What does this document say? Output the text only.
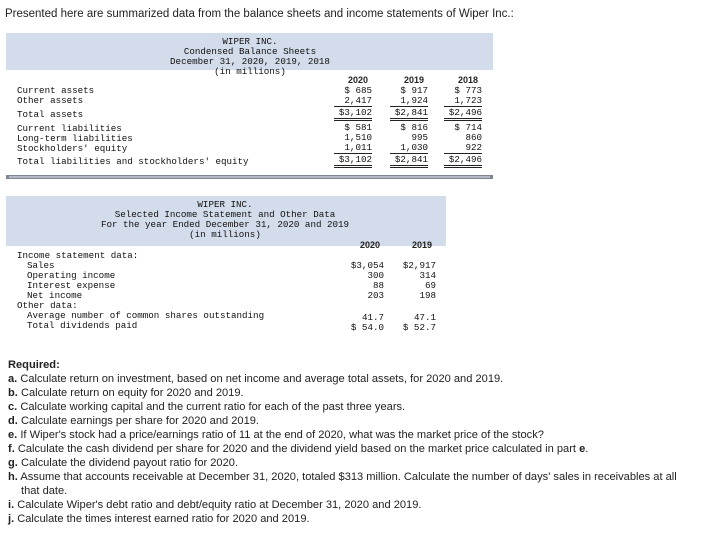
Presented here are summarized data from the balance sheets and income statements of Wiper Inc.:
WIPER INC.
Condensed Balance Sheets
December 31, 2020, 2019, 2018
(in millions)
2020	2019	2018
Current assets	$ 685	$ 917	$ 773
Other assets	2,417	1,924	1,723
Total assets	$3,102	$2,841	$2,496
Current liabilities	$ 581	$ 816	$ 714
Long-term liabilities	1,510	995	860
Stockholders' equity	1,011	1,030	922
Total liabilities and stockholders' equity	$3,102	$2,841	$2,496
WIPER INC.
Selected Income Statement and Other Data
For the year Ended December 31, 2020 and 2019
(in millions)
2020	2019
Income statement data:
Sales	$3,054	$2,917
Operating income	300	314
Interest expense	88	69
Net income	203	198
Other data:
Average number of common shares outstanding	41.7	47.1
Total dividends paid	$ 54.0	$ 52.7
Required:
a. Calculate return on investment, based on net income and average total assets, for 2020 and 2019.
b. Calculate return on equity for 2020 and 2019.
c. Calculate working capital and the current ratio for each of the past three years.
d. Calculate earnings per share for 2020 and 2019.
e. If Wiper's stock had a price/earnings ratio of 11 at the end of 2020, what was the market price of the stock?
f. Calculate the cash dividend per share for 2020 and the dividend yield based on the market price calculated in part e.
g. Calculate the dividend payout ratio for 2020.
h. Assume that accounts receivable at December 31, 2020, totaled $313 million. Calculate the number of days' sales in receivables at all
that date.
i. Calculate Wiper's debt ratio and debt/equity ratio at December 31, 2020 and 2019.
j. Calculate the times interest earned ratio for 2020 and 2019.
